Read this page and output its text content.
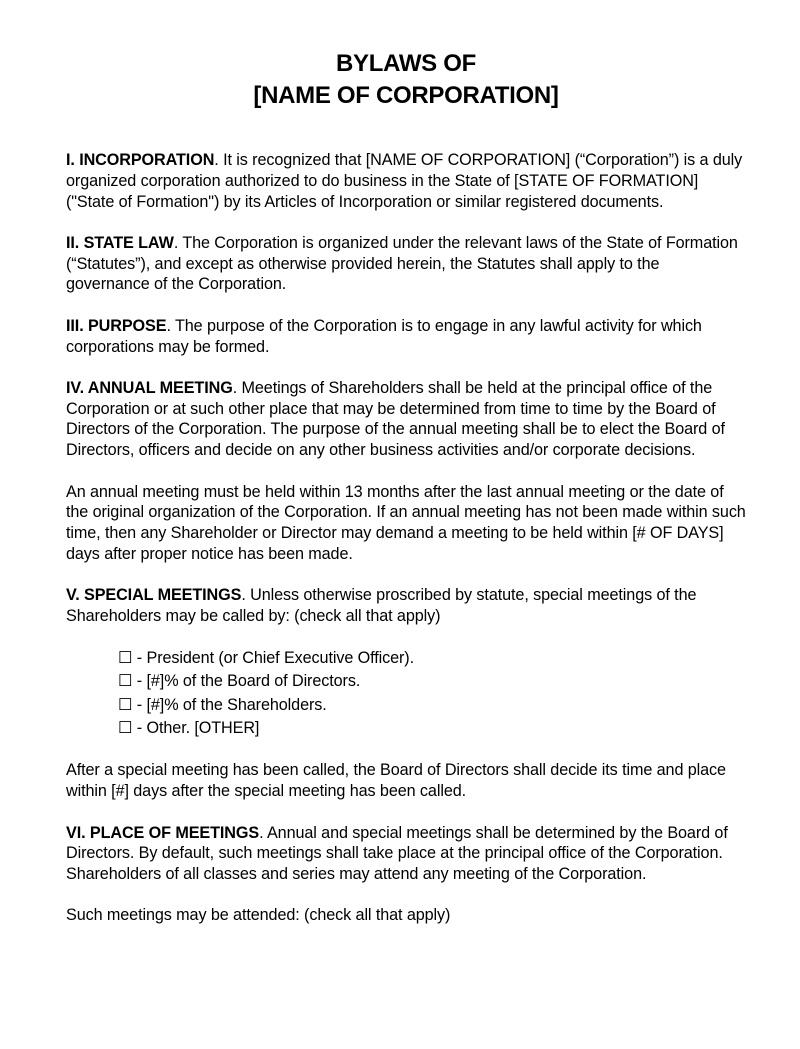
BYLAWS OF
[NAME OF CORPORATION]

I. INCORPORATION. It is recognized that [NAME OF CORPORATION] (“Corporation”) is a duly organized corporation authorized to do business in the State of [STATE OF FORMATION] ("State of Formation") by its Articles of Incorporation or similar registered documents.

II. STATE LAW. The Corporation is organized under the relevant laws of the State of Formation (“Statutes”), and except as otherwise provided herein, the Statutes shall apply to the governance of the Corporation.

III. PURPOSE. The purpose of the Corporation is to engage in any lawful activity for which corporations may be formed.

IV. ANNUAL MEETING. Meetings of Shareholders shall be held at the principal office of the Corporation or at such other place that may be determined from time to time by the Board of Directors of the Corporation. The purpose of the annual meeting shall be to elect the Board of Directors, officers and decide on any other business activities and/or corporate decisions.

An annual meeting must be held within 13 months after the last annual meeting or the date of the original organization of the Corporation. If an annual meeting has not been made within such time, then any Shareholder or Director may demand a meeting to be held within [# OF DAYS] days after proper notice has been made.

V. SPECIAL MEETINGS. Unless otherwise proscribed by statute, special meetings of the Shareholders may be called by: (check all that apply)

☐ - President (or Chief Executive Officer).
☐ - [#]% of the Board of Directors.
☐ - [#]% of the Shareholders.
☐ - Other. [OTHER]

After a special meeting has been called, the Board of Directors shall decide its time and place within [#] days after the special meeting has been called.

VI. PLACE OF MEETINGS. Annual and special meetings shall be determined by the Board of Directors. By default, such meetings shall take place at the principal office of the Corporation. Shareholders of all classes and series may attend any meeting of the Corporation.

Such meetings may be attended: (check all that apply)
